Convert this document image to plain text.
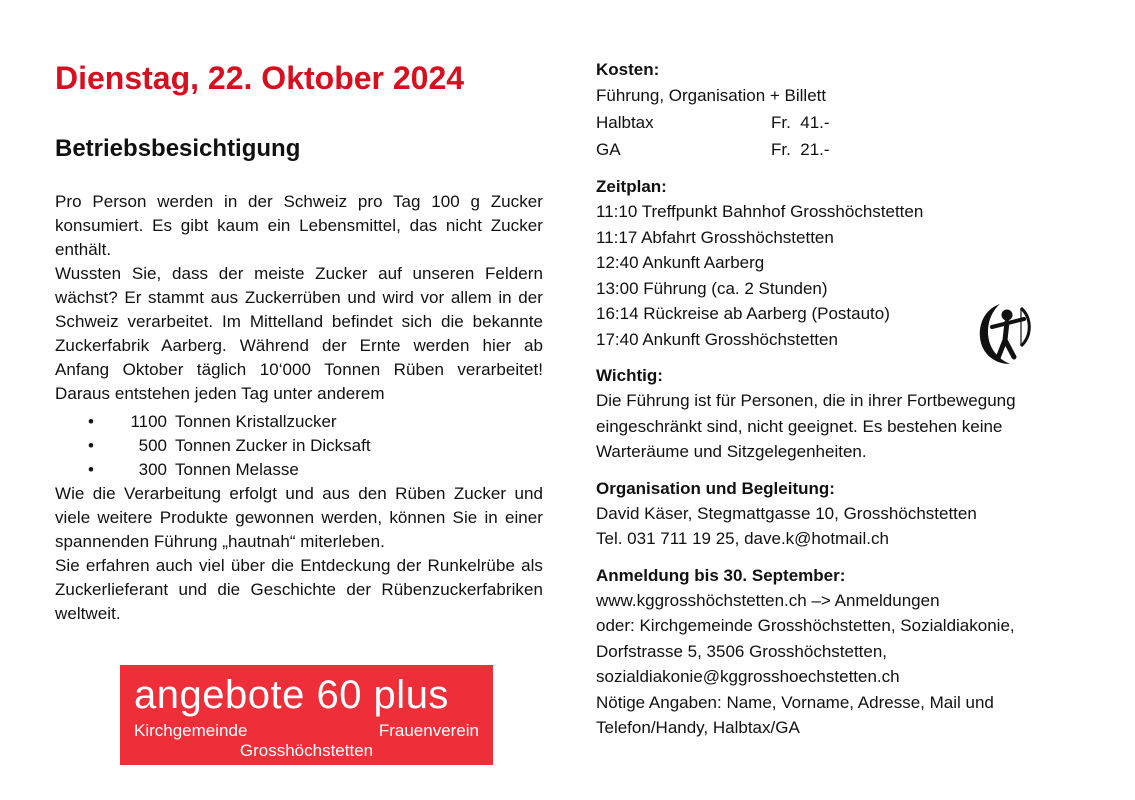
Dienstag, 22. Oktober 2024
Betriebsbesichtigung

Pro Person werden in der Schweiz pro Tag 100 g Zucker konsumiert. Es gibt kaum ein Lebensmittel, das nicht Zucker enthält.

Wussten Sie, dass der meiste Zucker auf unseren Feldern wächst? Er stammt aus Zuckerrüben und wird vor allem in der Schweiz verarbeitet. Im Mittelland befindet sich die bekannte Zuckerfabrik Aarberg. Während der Ernte werden hier ab Anfang Oktober täglich 10‘000 Tonnen Rüben verarbeitet! Daraus entstehen jeden Tag unter anderem

• 1100 Tonnen Kristallzucker
•	500 Tonnen Zucker in Dicksaft
•	300 Tonnen Melasse

Wie die Verarbeitung erfolgt und aus den Rüben Zucker und viele weitere Produkte gewonnen werden, können Sie in einer spannenden Führung „hautnah“ miterleben.

Sie erfahren auch viel über die Entdeckung der Runkelrübe als Zuckerlieferant und die Geschichte der Rübenzuckerfabriken weltweit.

angebote 60 plus
Kirchgemeinde	Frauenverein
Grosshöchstetten

Kosten:

Führung, Organisation + Billett

Halbtax	Fr.  41.-
GA	Fr.  21.-

Zeitplan:

11:10 Treffpunkt Bahnhof Grosshöchstetten

11:17 Abfahrt Grosshöchstetten

12:40 Ankunft Aarberg

13:00 Führung (ca. 2 Stunden)

16:14 Rückreise ab Aarberg (Postauto)

17:40 Ankunft Grosshöchstetten

Wichtig:

Die Führung ist für Personen, die in ihrer Fortbewegung

eingeschränkt sind, nicht geeignet. Es bestehen keine

Warteräume und Sitzgelegenheiten.

Organisation und Begleitung:

David Käser, Stegmattgasse 10, Grosshöchstetten

Tel. 031 711 19 25, dave.k@hotmail.ch

Anmeldung bis 30. September:

www.kggrosshöchstetten.ch –> Anmeldungen

oder: Kirchgemeinde Grosshöchstetten, Sozialdiakonie,

Dorfstrasse 5, 3506 Grosshöchstetten,

sozialdiakonie@kggrosshoechstetten.ch

Nötige Angaben: Name, Vorname, Adresse, Mail und

Telefon/Handy, Halbtax/GA
